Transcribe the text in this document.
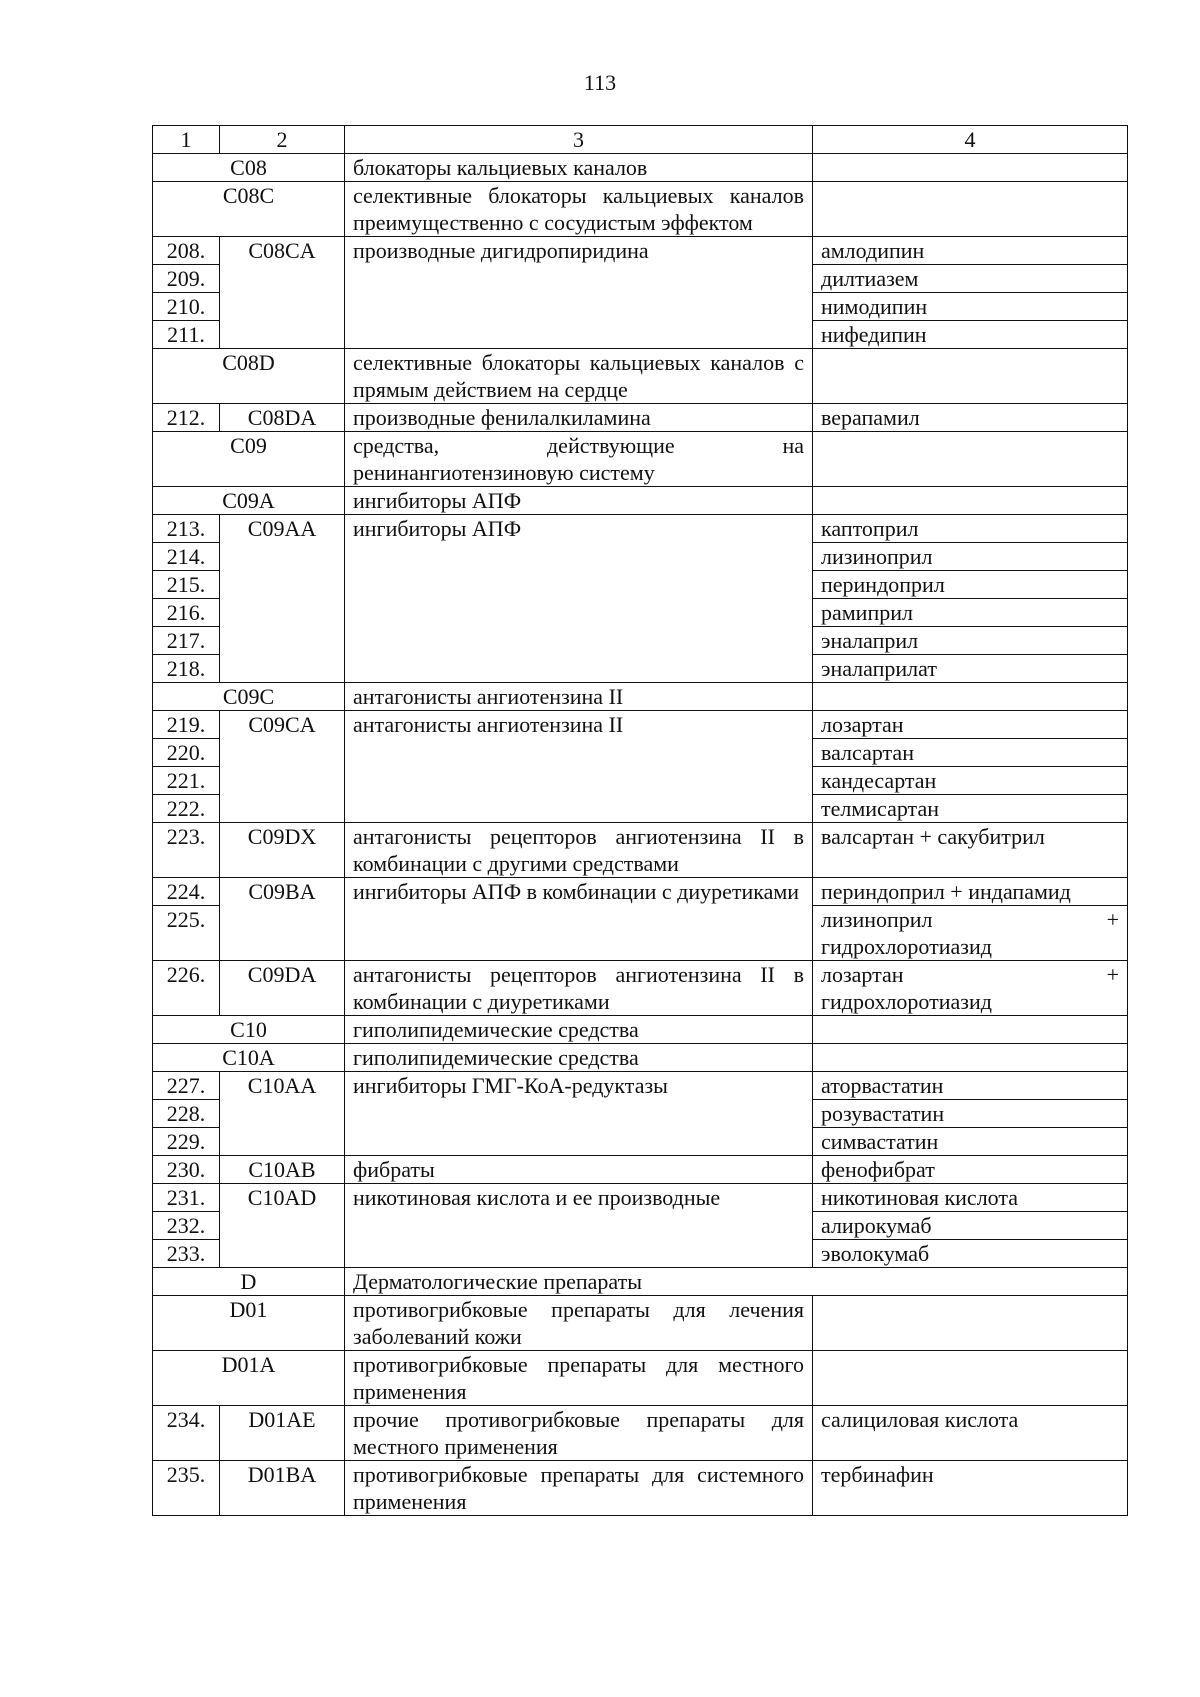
113
1	2	3	4
C08		блокаторы кальциевых каналов	
C08C		селективные блокаторы кальциевых каналов преимущественно с сосудистым эффектом	
208.	C08CA	производные дигидропиридина	амлодипин
209.			дилтиазем
210.			нимодипин
211.			нифедипин
C08D		селективные блокаторы кальциевых каналов с прямым действием на сердце	
212.	C08DA	производные фенилалкиламина	верапамил
C09		средства, действующие на ренинангиотензиновую систему	
C09A		ингибиторы АПФ	
213.	C09AA	ингибиторы АПФ	каптоприл
214.			лизиноприл
215.			периндоприл
216.			рамиприл
217.			эналаприл
218.			эналаприлат
C09C		антагонисты ангиотензина II	
219.	C09CA	антагонисты ангиотензина II	лозартан
220.			валсартан
221.			кандесартан
222.			телмисартан
223.	C09DX	антагонисты рецепторов ангиотензина II в комбинации с другими средствами	валсартан + сакубитрил
224.	C09BA	ингибиторы АПФ в комбинации с диуретиками	периндоприл + индапамид
225.			лизиноприл +
гидрохлоротиазид

226.	C09DA	антагонисты рецепторов ангиотензина II в комбинации с диуретиками	лозартан +
гидрохлоротиазид

C10		гиполипидемические средства	
C10A		гиполипидемические средства	
227.	C10AA	ингибиторы ГМГ-КоА-редуктазы	аторвастатин
228.			розувастатин
229.			симвастатин
230.	C10AB	фибраты	фенофибрат
231.	C10AD	никотиновая кислота и ее производные	никотиновая кислота
232.			алирокумаб
233.			эволокумаб
D		Дерматологические препараты	
D01		противогрибковые препараты для лечения заболеваний кожи	
D01A		противогрибковые препараты для местного применения	
234.	D01AE	прочие противогрибковые препараты для местного применения	салициловая кислота
235.	D01BA	противогрибковые препараты для системного применения	тербинафин
